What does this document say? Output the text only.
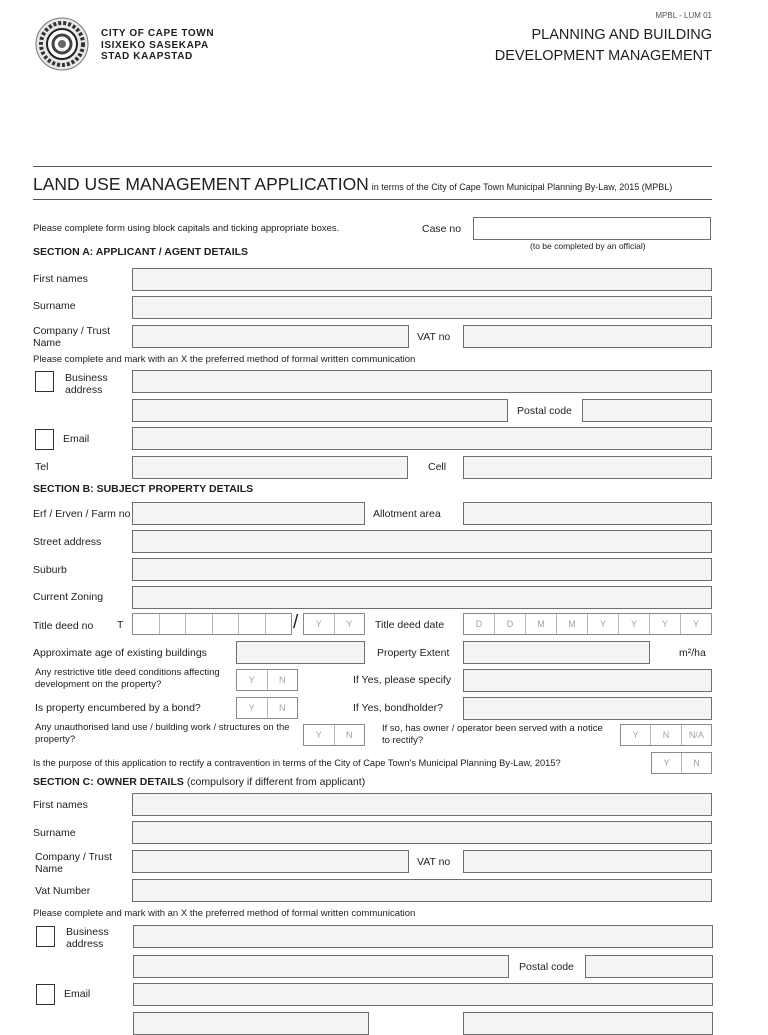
CITY OF CAPE TOWN
ISIXEKO SASEKAPA
STAD KAAPSTAD
MPBL - LUM 01
PLANNING AND BUILDING
DEVELOPMENT MANAGEMENT
LAND USE MANAGEMENT APPLICATION in terms of the City of Cape Town Municipal Planning By-Law, 2015 (MPBL)
Please complete form using block capitals and ticking appropriate boxes.	Case no
(to be completed by an official)
SECTION A: APPLICANT / AGENT DETAILS
First names
Surname
Company / Trust Name	VAT no
Please complete and mark with an X the preferred method of formal written communication
Business address
Postal code
Email
Tel	Cell
SECTION B: SUBJECT PROPERTY DETAILS
Erf / Erven / Farm no	Allotment area
Street address
Suburb
Current Zoning
Title deed no T	/	Y	Y	Title deed date	D	D	M	M	Y	Y	Y	Y
Approximate age of existing buildings	Property Extent	m²/ha
Any restrictive title deed conditions affecting development on the property?	Y	N	If Yes, please specify
Is property encumbered by a bond?	Y	N	If Yes, bondholder?
Any unauthorised land use / building work / structures on the property?	Y	N
If so, has owner / operator been served with a notice to rectify?	Y	N	N/A
Is the purpose of this application to rectify a contravention in terms of the City of Cape Town's Municipal Planning By-Law, 2015?	Y	N
SECTION C: OWNER DETAILS (compulsory if different from applicant)
First names
Surname
Company / Trust Name
VAT no
Vat Number
Please complete and mark with an X the preferred method of formal written communication
Business address
Postal code
Email
